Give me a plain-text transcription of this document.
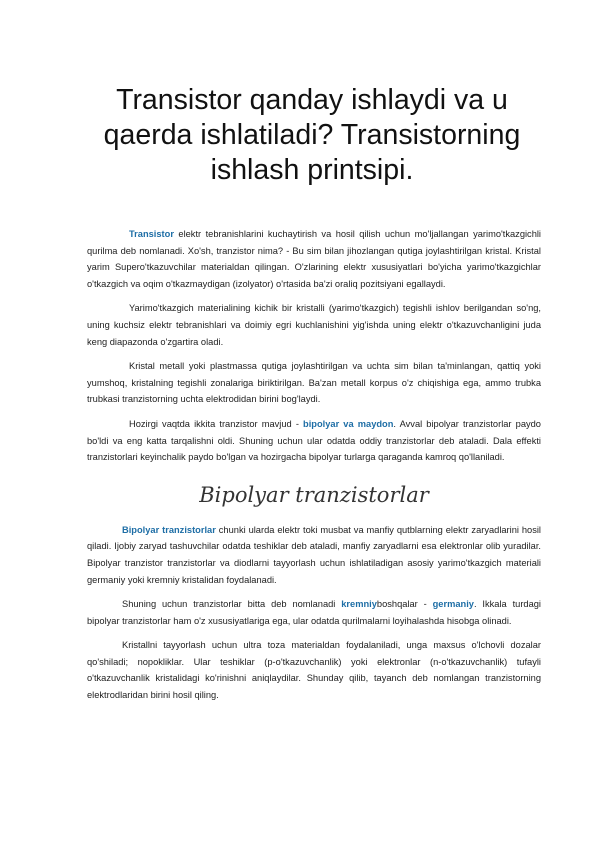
Transistor qanday ishlaydi va u qaerda ishlatiladi? Transistorning ishlash printsipi.

Transistor elektr tebranishlarini kuchaytirish va hosil qilish uchun mo'ljallangan yarimo'tkazgichli qurilma deb nomlanadi. Xo'sh, tranzistor nima? - Bu sim bilan jihozlangan qutiga joylashtirilgan kristal. Kristal yarim Supero'tkazuvchilar materialdan qilingan. O'zlarining elektr xususiyatlari bo'yicha yarimo'tkazgichlar o'tkazgich va oqim o'tkazmaydigan (izolyator) o'rtasida ba'zi oraliq pozitsiyani egallaydi.

Yarimo'tkazgich materialining kichik bir kristalli (yarimo'tkazgich) tegishli ishlov berilgandan so'ng, uning kuchsiz elektr tebranishlari va doimiy egri kuchlanishini yig'ishda uning elektr o'tkazuvchanligini juda keng diapazonda o'zgartira oladi.

Kristal metall yoki plastmassa qutiga joylashtirilgan va uchta sim bilan ta'minlangan, qattiq yoki yumshoq, kristalning tegishli zonalariga biriktirilgan. Ba'zan metall korpus o'z chiqishiga ega, ammo trubka trubkasi tranzistorning uchta elektrodidan birini bog'laydi.

Hozirgi vaqtda ikkita tranzistor mavjud - bipolyar va maydon. Avval bipolyar tranzistorlar paydo bo'ldi va eng katta tarqalishni oldi. Shuning uchun ular odatda oddiy tranzistorlar deb ataladi. Dala effekti tranzistorlari keyinchalik paydo bo'lgan va hozirgacha bipolyar turlarga qaraganda kamroq qo'llaniladi.

Bipolyar tranzistorlar

Bipolyar tranzistorlar chunki ularda elektr toki musbat va manfiy qutblarning elektr zaryadlarini hosil qiladi. Ijobiy zaryad tashuvchilar odatda teshiklar deb ataladi, manfiy zaryadlarni esa elektronlar olib yuradilar. Bipolyar tranzistor tranzistorlar va diodlarni tayyorlash uchun ishlatiladigan asosiy yarimo'tkazgich materiali germaniy yoki kremniy kristalidan foydalanadi.

Shuning uchun tranzistorlar bitta deb nomlanadi kremniyboshqalar - germaniy. Ikkala turdagi bipolyar tranzistorlar ham o'z xususiyatlariga ega, ular odatda qurilmalarni loyihalashda hisobga olinadi.

Kristallni tayyorlash uchun ultra toza materialdan foydalaniladi, unga maxsus o'lchovli dozalar qo'shiladi; nopokliklar. Ular teshiklar (p-o'tkazuvchanlik) yoki elektronlar (n-o'tkazuvchanlik) tufayli o'tkazuvchanlik kristalidagi ko'rinishni aniqlaydilar. Shunday qilib, tayanch deb nomlangan tranzistorning elektrodlaridan birini hosil qiling.
